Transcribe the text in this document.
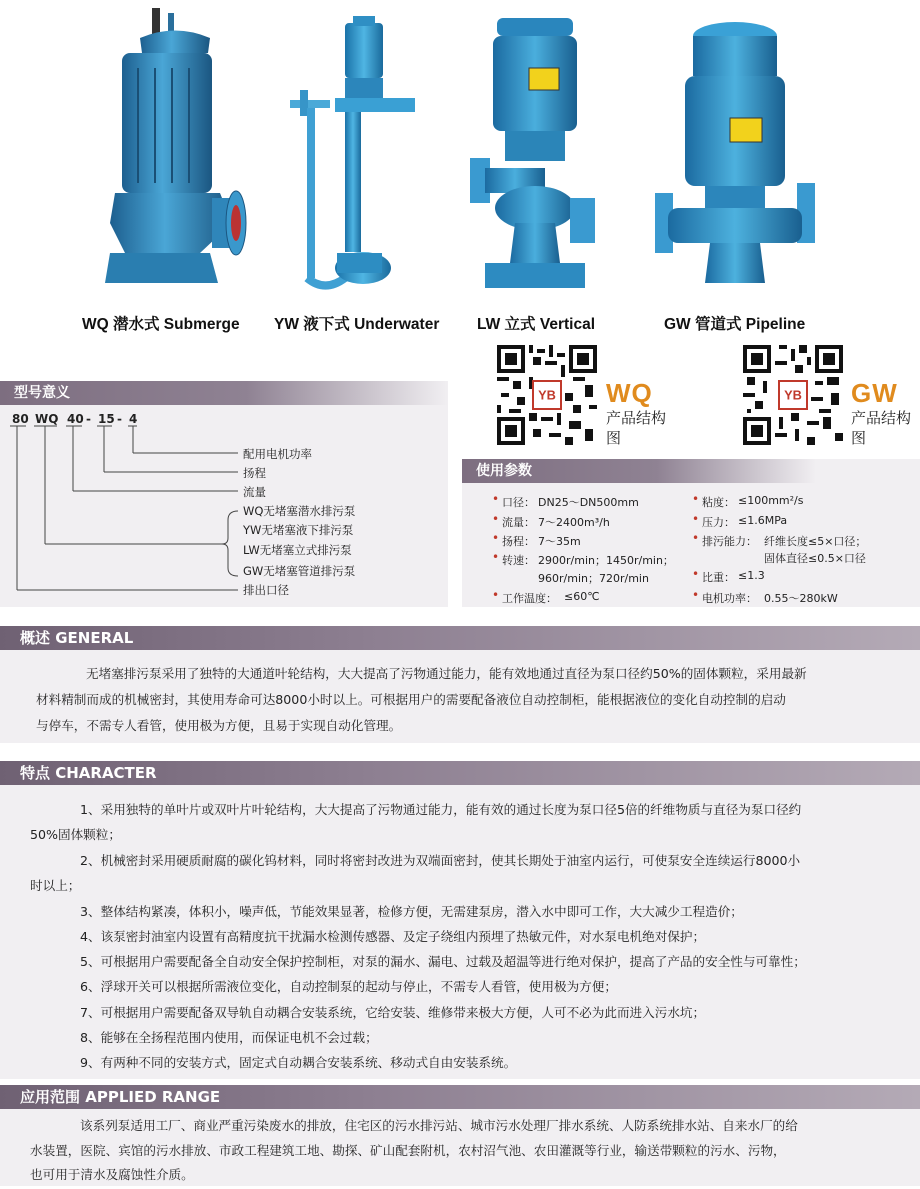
WQ 潜水式 Submerge YW 液下式 Underwater LW 立式 Vertical	GW 管道式 Pipeline
YB WQ
产品结构图
YB GW
产品结构图
型号意义
80 WQ 40 - 15 - 4
配用电机功率
扬程
流量
WQ无堵塞潜水排污泵
YW无堵塞液下排污泵
LW无堵塞立式排污泵
GW无堵塞管道排污泵
排出口径
使用参数
• 口径： DN25～DN500mm
• 流量： 7～2400m³/h
• 扬程： 7～35m
• 转速： 2900r/min；1450r/min；
960r/min；720r/min
• 工作温度： ≤60℃
• 粘度： ≤100mm²/s
• 压力： ≤1.6MPa
• 排污能力： 纤维长度≤5×口径；
固体直径≤0.5×口径
• 比重： ≤1.3
• 电机功率： 0.55～280kW
概述 GENERAL
无堵塞排污泵采用了独特的大通道叶轮结构，大大提高了污物通过能力，能有效地通过直径为泵口径约50%的固体颗粒，采用最新
材料精制而成的机械密封，其使用寿命可达8000小时以上。可根据用户的需要配备液位自动控制柜，能根据液位的变化自动控制的启动
与停车，不需专人看管，使用极为方便，且易于实现自动化管理。
特点 CHARACTER
1、采用独特的单叶片或双叶片叶轮结构，大大提高了污物通过能力，能有效的通过长度为泵口径5倍的纤维物质与直径为泵口径约
50%固体颗粒；
2、机械密封采用硬质耐腐的碳化钨材料，同时将密封改进为双端面密封，使其长期处于油室内运行，可使泵安全连续运行8000小
时以上；
3、整体结构紧凑，体积小，噪声低，节能效果显著，检修方便，无需建泵房，潜入水中即可工作，大大减少工程造价；
4、该泵密封油室内设置有高精度抗干扰漏水检测传感器、及定子绕组内预埋了热敏元件，对水泵电机绝对保护；
5、可根据用户需要配备全自动安全保护控制柜，对泵的漏水、漏电、过载及超温等进行绝对保护，提高了产品的安全性与可靠性；
6、浮球开关可以根据所需液位变化，自动控制泵的起动与停止，不需专人看管，使用极为方便；
7、可根据用户需要配备双导轨自动耦合安装系统，它给安装、维修带来极大方便，人可不必为此而进入污水坑；
8、能够在全扬程范围内使用，而保证电机不会过载；
9、有两种不同的安装方式，固定式自动耦合安装系统、移动式自由安装系统。
应用范围 APPLIED RANGE
该系列泵适用工厂、商业严重污染废水的排放，住宅区的污水排污站、城市污水处理厂排水系统、人防系统排水站、自来水厂的给
水装置，医院、宾馆的污水排放、市政工程建筑工地、勘探、矿山配套附机，农村沼气池、农田灌溉等行业，输送带颗粒的污水、污物，
也可用于清水及腐蚀性介质。
